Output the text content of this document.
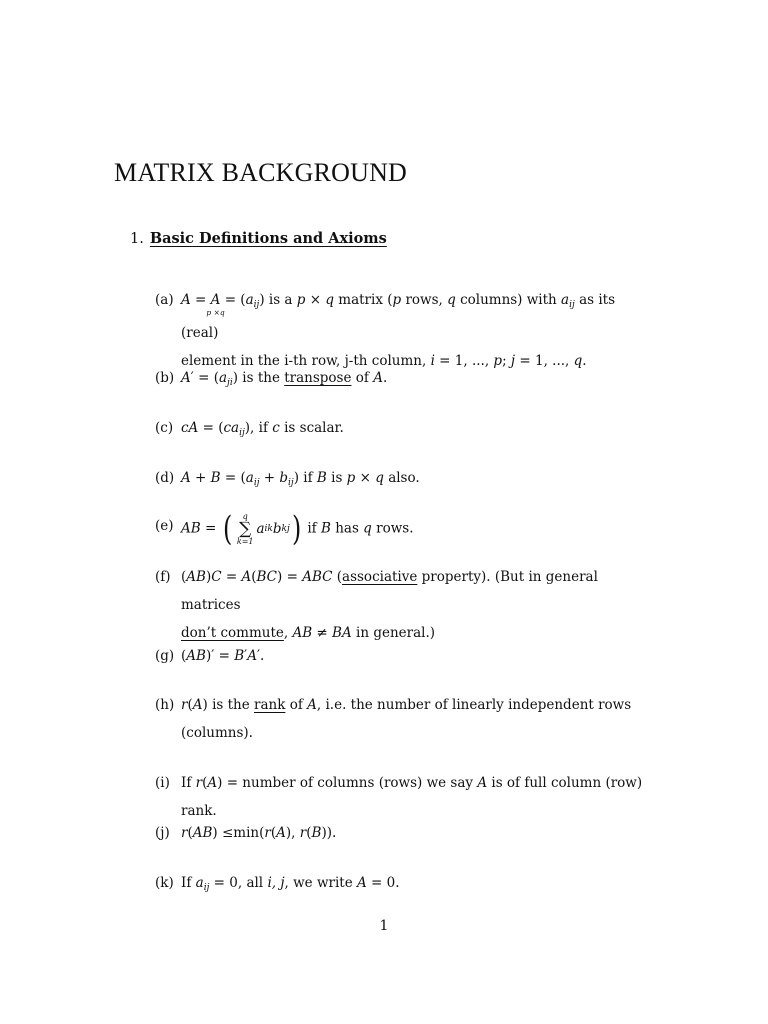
MATRIX BACKGROUND
1. Basic Definitions and Axioms
(a) A = A
p ×q
= $(a_{ij})$ is a p × q matrix (p rows, q columns) with $a_{ij}$ as its (real)
element in the i-th row, j-th column, i = 1, ..., p; j = 1, ..., q.
(b) $A' = (a_{ji})$ is the transpose of A.
(c) cA = $(ca_{ij})$, if c is scalar.
(d) $A + B = (a_{ij} + b_{ij})$ if B is p × q also.
(e) AB = ( q
∑
k=1
a ik b kj ) if B has q rows.
(f) (AB)C = A(BC) = ABC (associative property). (But in general matrices
don’t commute, AB ≠ BA in general.)
(g) (AB)′ = B′A′.
(h) r(A) is the rank of A, i.e. the number of linearly independent rows
(columns).
(i) If r(A) = number of columns (rows) we say A is of full column (row) rank.
(j) r(AB) ≤min(r(A), r(B)).
(k) If $a_{ij} = 0$, all i, j, we write A = 0.
1
